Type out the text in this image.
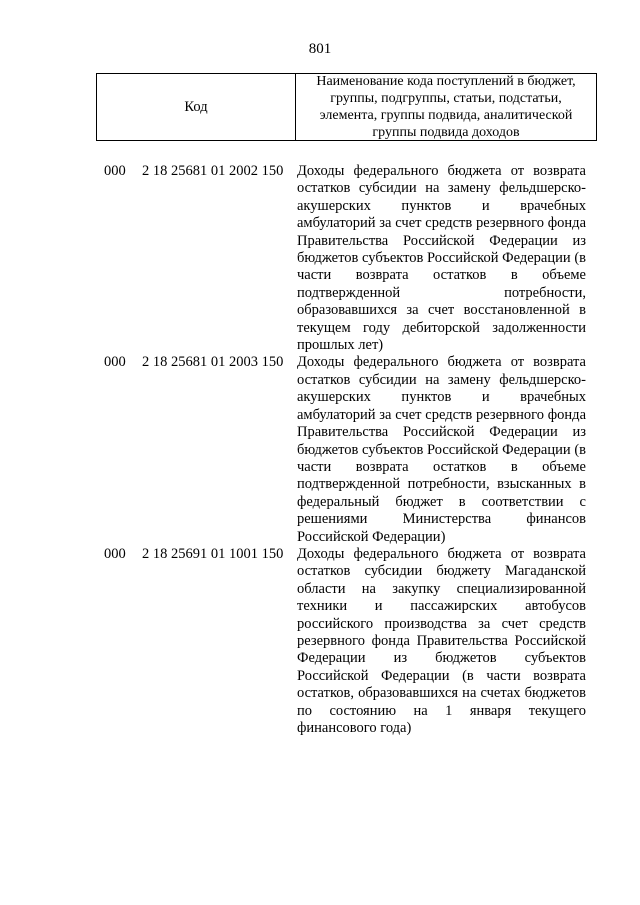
801
Код
Наименование кода поступлений в бюджет, группы, подгруппы, статьи, подстатьи, элемента, группы подвида, аналитической группы подвида доходов
000 2 18 25681 01 2002 150 Доходы федерального бюджета от возврата остатков субсидии на замену фельдшерско-акушерских пунктов и врачебных амбулаторий за счет средств резервного фонда Правительства Российской Федерации из бюджетов субъектов Российской Федерации (в части возврата остатков в объеме подтвержденной потребности, образовавшихся за счет восстановленной в текущем году дебиторской задолженности прошлых лет)
000 2 18 25681 01 2003 150 Доходы федерального бюджета от возврата остатков субсидии на замену фельдшерско-акушерских пунктов и врачебных амбулаторий за счет средств резервного фонда Правительства Российской Федерации из бюджетов субъектов Российской Федерации (в части возврата остатков в объеме подтвержденной потребности, взысканных в федеральный бюджет в соответствии с решениями Министерства финансов Российской Федерации)
000 2 18 25691 01 1001 150 Доходы федерального бюджета от возврата остатков субсидии бюджету Магаданской области на закупку специализированной техники и пассажирских автобусов российского производства за счет средств резервного фонда Правительства Российской Федерации из бюджетов субъектов Российской Федерации (в части возврата остатков, образовавшихся на счетах бюджетов по состоянию на 1 января текущего финансового года)
